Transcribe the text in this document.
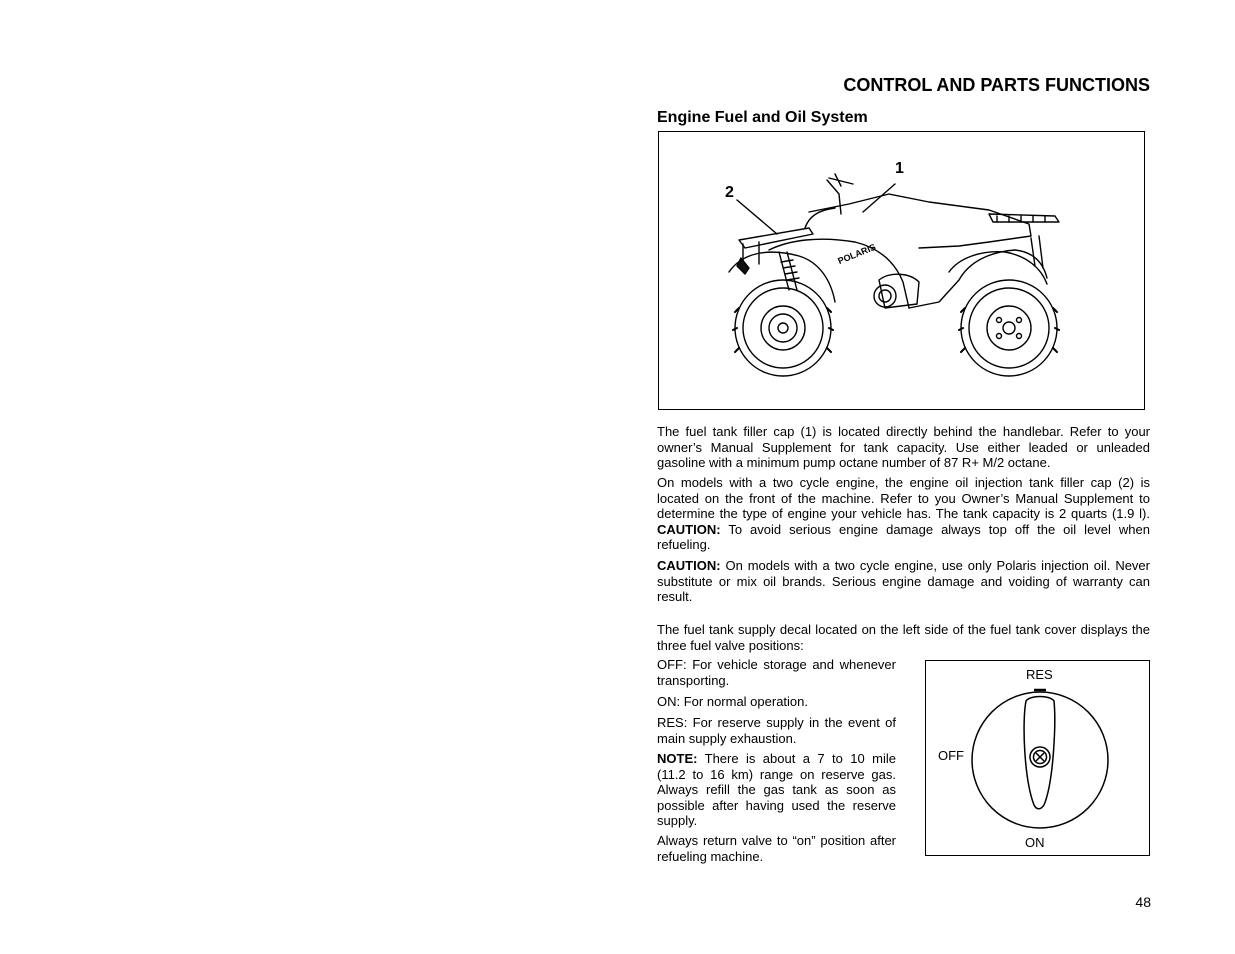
CONTROL AND PARTS FUNCTIONS
Engine Fuel and Oil System
POLARIS
1
2

The fuel tank filler cap (1) is located directly behind the handlebar. Refer to your owner’s Manual Supplement for tank capacity. Use either leaded or unleaded gasoline with a minimum pump octane number of 87 R+ M/2 octane.

On models with a two cycle engine, the engine oil injection tank filler cap (2) is located on the front of the machine. Refer to you Owner’s Manual Supplement to determine the type of engine your vehicle has. The tank capacity is 2 quarts (1.9 l). CAUTION: To avoid serious engine damage always top off the oil level when refueling.

CAUTION: On models with a two cycle engine, use only Polaris injection oil. Never substitute or mix oil brands. Serious engine damage and voiding of warranty can result.

The fuel tank supply decal located on the left side of the fuel tank cover displays the three fuel valve positions:

OFF: For vehicle storage and whenever transporting.

ON: For normal operation.

RES: For reserve supply in the event of main supply exhaustion.

NOTE: There is about a 7 to 10 mile (11.2 to 16 km) range on reserve gas. Always refill the gas tank as soon as possible after having used the reserve supply.

Always return valve to “on” position after refueling machine.

RES
OFF
ON
48
